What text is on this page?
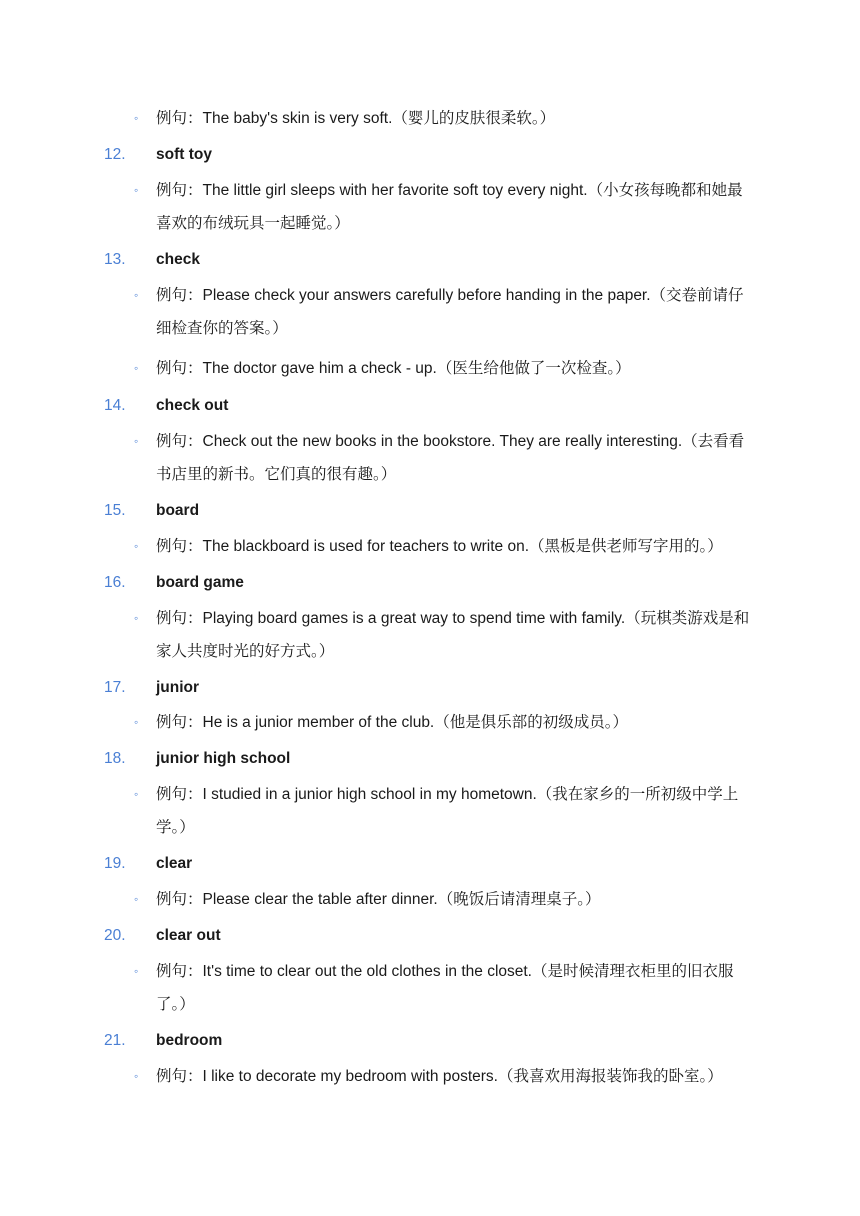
◦ 例句：The baby's skin is very soft.（婴儿的皮肤很柔软。）
12. soft toy
◦ 例句：The little girl sleeps with her favorite soft toy every night.（小女孩每晚都和她最喜欢的布绒玩具一起睡觉。）
13. check
◦ 例句：Please check your answers carefully before handing in the paper.（交卷前请仔细检查你的答案。）
◦ 例句：The doctor gave him a check - up.（医生给他做了一次检查。）
14. check out
◦ 例句：Check out the new books in the bookstore. They are really interesting.（去看看书店里的新书。它们真的很有趣。）
15. board
◦ 例句：The blackboard is used for teachers to write on.（黑板是供老师写字用的。）
16. board game
◦ 例句：Playing board games is a great way to spend time with family.（玩棋类游戏是和家人共度时光的好方式。）
17. junior
◦ 例句：He is a junior member of the club.（他是俱乐部的初级成员。）
18. junior high school
◦ 例句：I studied in a junior high school in my hometown.（我在家乡的一所初级中学上学。）
19. clear
◦ 例句：Please clear the table after dinner.（晚饭后请清理桌子。）
20. clear out
◦ 例句：It's time to clear out the old clothes in the closet.（是时候清理衣柜里的旧衣服了。）
21. bedroom
◦ 例句：I like to decorate my bedroom with posters.（我喜欢用海报装饰我的卧室。）
